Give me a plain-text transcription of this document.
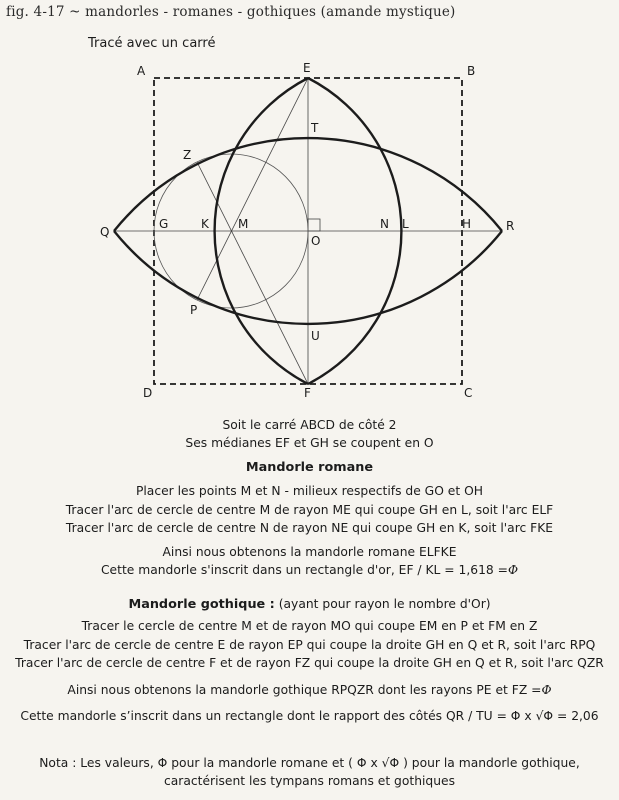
fig. 4-17 ~ mandorles - romanes - gothiques (amande mystique)
Tracé avec un carré
A	B
C
D
E
F
G	H
K	L
M	N
O
P
Q	R
T
U
Z
Soit le carré ABCD de côté 2
Ses médianes EF et GH se coupent en O
Mandorle romane
Placer les points M et N - milieux respectifs de GO et OH
Tracer l'arc de cercle de centre M de rayon ME qui coupe GH en L, soit l'arc ELF
Tracer l'arc de cercle de centre N de rayon NE qui coupe GH en K, soit l'arc FKE
Ainsi nous obtenons la mandorle romane ELFKE
Cette mandorle s'inscrit dans un rectangle d'or, EF / KL = 1,618 =Φ
Mandorle gothique : (ayant pour rayon le nombre d'Or)
Tracer le cercle de centre M et de rayon MO qui coupe EM en P et FM en Z
Tracer l'arc de cercle de centre E de rayon EP qui coupe la droite GH en Q et R, soit l'arc RPQ
Tracer l'arc de cercle de centre F et de rayon FZ qui coupe la droite GH en Q et R, soit l'arc QZR
Ainsi nous obtenons la mandorle gothique RPQZR dont les rayons PE et FZ =Φ
Cette mandorle s’inscrit dans un rectangle dont le rapport des côtés QR / TU = Φ x √Φ = 2,06
Nota : Les valeurs, Φ pour la mandorle romane et ( Φ x √Φ ) pour la mandorle gothique,
caractérisent les tympans romans et gothiques
